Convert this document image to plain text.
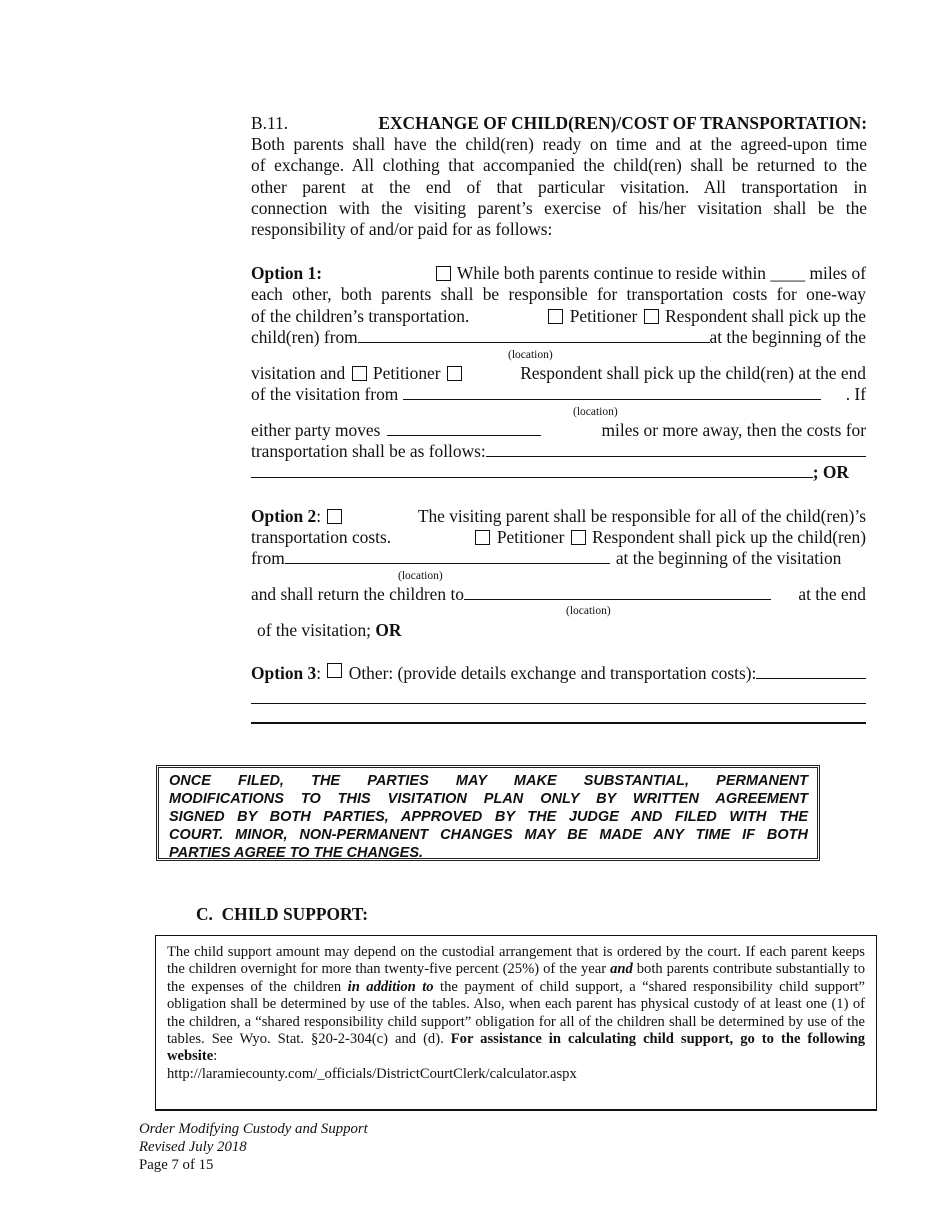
B.11.	EXCHANGE OF CHILD(REN)/COST OF TRANSPORTATION:
Both parents shall have the child(ren) ready on time and at the agreed-upon time
of exchange. All clothing that accompanied the child(ren) shall be returned to the
other parent at the end of that particular visitation. All transportation in
connection with the visiting parent’s exercise of his/her visitation shall be the
responsibility of and/or paid for as follows:
Option 1:	While both parents continue to reside within ____ miles of
each other, both parents shall be responsible for transportation costs for one-way
of the children’s transportation.	Petitioner Respondent shall pick up the
child(ren) from	at the beginning of the
(location)
visitation and Petitioner	Respondent shall pick up the child(ren) at the end
of the visitation from	. If
(location)
either party moves	miles or more away, then the costs for
transportation shall be as follows:
; OR
Option 2:	The visiting parent shall be responsible for all of the child(ren)’s
transportation costs.	Petitioner Respondent shall pick up the child(ren)
from	at the beginning of the visitation
(location)
and shall return the children to	at the end
(location)
of the visitation; OR
Option 3 :
Other: (provide details exchange and transportation costs):
ONCE FILED, THE PARTIES MAY MAKE SUBSTANTIAL, PERMANENT
MODIFICATIONS TO THIS VISITATION PLAN ONLY BY WRITTEN AGREEMENT
SIGNED BY BOTH PARTIES, APPROVED BY THE JUDGE AND FILED WITH THE
COURT. MINOR, NON-PERMANENT CHANGES MAY BE MADE ANY TIME IF BOTH
PARTIES AGREE TO THE CHANGES.
C.  CHILD SUPPORT:
The child support amount may depend on the custodial arrangement that is ordered by the court. If each parent keeps the children overnight for more than twenty-five percent (25%) of the year and both parents contribute substantially to the expenses of the children in addition to the payment of child support, a “shared responsibility child support” obligation shall be determined by use of the tables. Also, when each parent has physical custody of at least one (1) of the children, a “shared responsibility child support” obligation for all of the children shall be determined by use of the tables. See Wyo. Stat. §20-2-304(c) and (d). For assistance in calculating child support, go to the following website:
http://laramiecounty.com/_officials/DistrictCourtClerk/calculator.aspx
Order Modifying Custody and Support
Revised July 2018
Page 7 of 15
